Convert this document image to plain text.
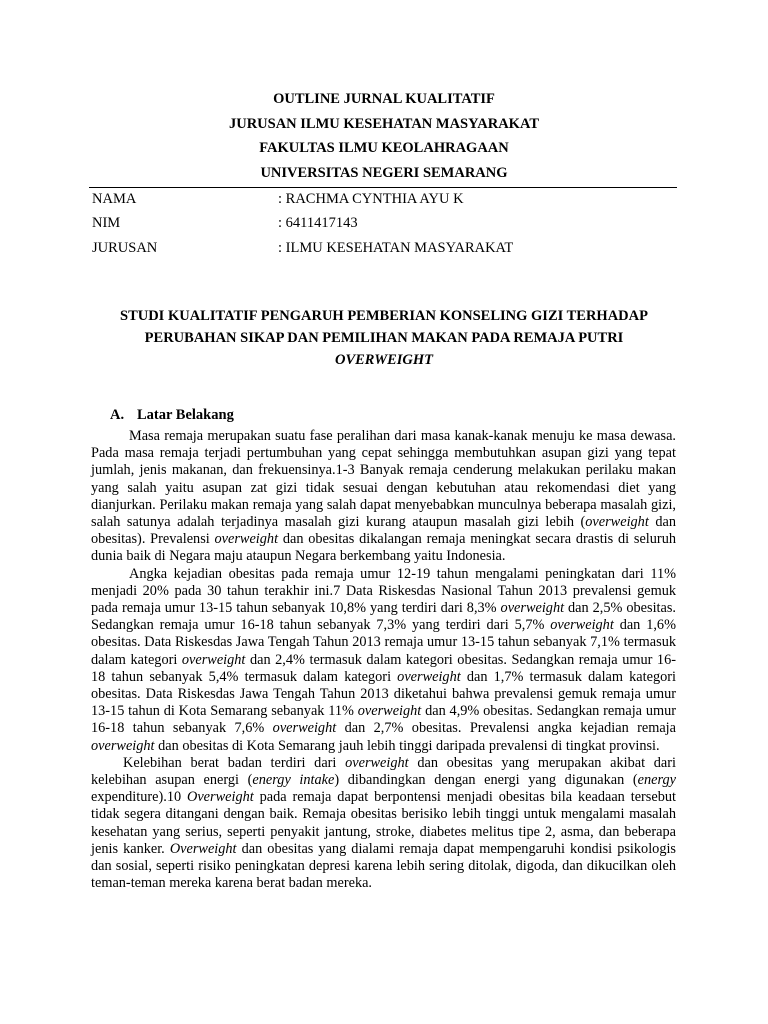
OUTLINE JURNAL KUALITATIF
JURUSAN ILMU KESEHATAN MASYARAKAT
FAKULTAS ILMU KEOLAHRAGAAN
UNIVERSITAS NEGERI SEMARANG
NAMA	: RACHMA CYNTHIA AYU K
NIM	: 6411417143
JURUSAN	: ILMU KESEHATAN MASYARAKAT
STUDI KUALITATIF PENGARUH PEMBERIAN KONSELING GIZI TERHADAP
PERUBAHAN SIKAP DAN PEMILIHAN MAKAN PADA REMAJA PUTRI
OVERWEIGHT
A. Latar Belakang

Masa remaja merupakan suatu fase peralihan dari masa kanak-kanak menuju ke masa dewasa. Pada masa remaja terjadi pertumbuhan yang cepat sehingga membutuhkan asupan gizi yang tepat jumlah, jenis makanan, dan frekuensinya.1-3 Banyak remaja cenderung melakukan perilaku makan yang salah yaitu asupan zat gizi tidak sesuai dengan kebutuhan atau rekomendasi diet yang dianjurkan. Perilaku makan remaja yang salah dapat menyebabkan munculnya beberapa masalah gizi, salah satunya adalah terjadinya masalah gizi kurang ataupun masalah gizi lebih (overweight dan obesitas). Prevalensi overweight dan obesitas dikalangan remaja meningkat secara drastis di seluruh dunia baik di Negara maju ataupun Negara berkembang yaitu Indonesia.

Angka kejadian obesitas pada remaja umur 12-19 tahun mengalami peningkatan dari 11% menjadi 20% pada 30 tahun terakhir ini.7 Data Riskesdas Nasional Tahun 2013 prevalensi gemuk pada remaja umur 13-15 tahun sebanyak 10,8% yang terdiri dari 8,3% overweight dan 2,5% obesitas. Sedangkan remaja umur 16-18 tahun sebanyak 7,3% yang terdiri dari 5,7% overweight dan 1,6% obesitas. Data Riskesdas Jawa Tengah Tahun 2013 remaja umur 13-15 tahun sebanyak 7,1% termasuk dalam kategori overweight dan 2,4% termasuk dalam kategori obesitas. Sedangkan remaja umur 16-18 tahun sebanyak 5,4% termasuk dalam kategori overweight dan 1,7% termasuk dalam kategori obesitas. Data Riskesdas Jawa Tengah Tahun 2013 diketahui bahwa prevalensi gemuk remaja umur 13-15 tahun di Kota Semarang sebanyak 11% overweight dan 4,9% obesitas. Sedangkan remaja umur 16-18 tahun sebanyak 7,6% overweight dan 2,7% obesitas. Prevalensi angka kejadian remaja overweight dan obesitas di Kota Semarang jauh lebih tinggi daripada prevalensi di tingkat provinsi.

Kelebihan berat badan terdiri dari overweight dan obesitas yang merupakan akibat dari kelebihan asupan energi (energy intake) dibandingkan dengan energi yang digunakan (energy expenditure).10 Overweight pada remaja dapat berpontensi menjadi obesitas bila keadaan tersebut tidak segera ditangani dengan baik. Remaja obesitas berisiko lebih tinggi untuk mengalami masalah kesehatan yang serius, seperti penyakit jantung, stroke, diabetes melitus tipe 2, asma, dan beberapa jenis kanker. Overweight dan obesitas yang dialami remaja dapat mempengaruhi kondisi psikologis dan sosial, seperti risiko peningkatan depresi karena lebih sering ditolak, digoda, dan dikucilkan oleh teman-teman mereka karena berat badan mereka.
